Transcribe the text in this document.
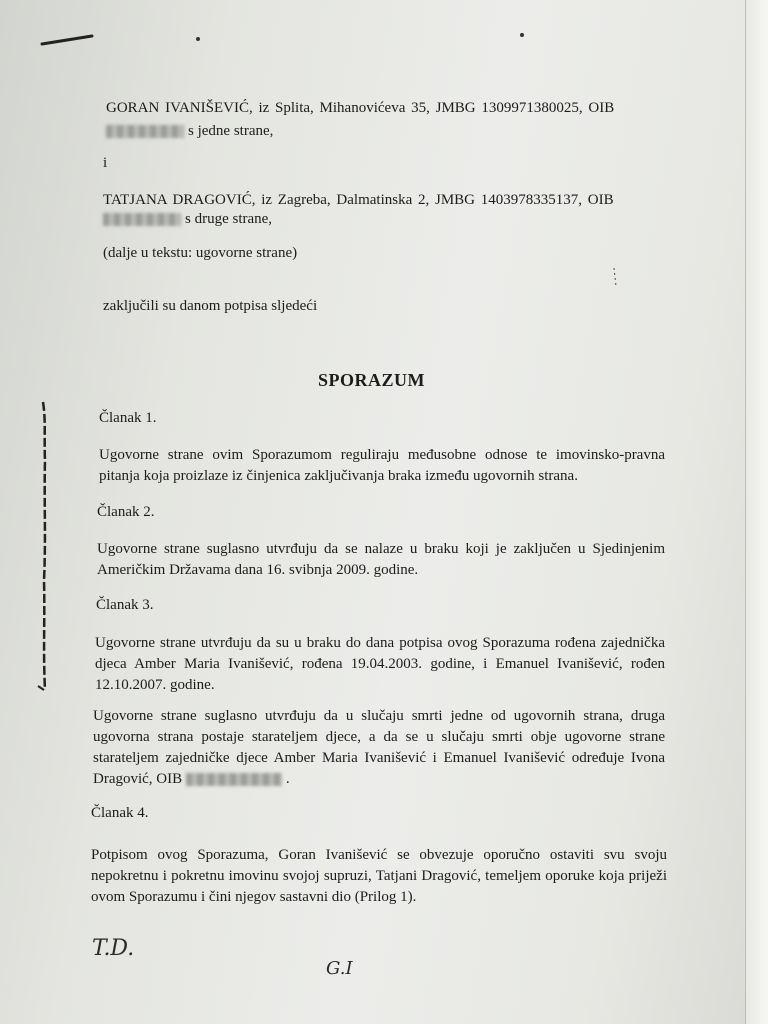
GORAN IVANIŠEVIĆ, iz Splita, Mihanovićeva 35, JMBG 1309971380025, OIB
s jedne strane,
i
TATJANA DRAGOVIĆ, iz Zagreba, Dalmatinska 2, JMBG 1403978335137, OIB
s druge strane,
(dalje u tekstu: ugovorne strane)
zaključili su danom potpisa sljedeći
SPORAZUM
Članak 1.

Ugovorne strane ovim Sporazumom reguliraju međusobne odnose te imovinsko-pravna pitanja koja proizlaze iz činjenica zaključivanja braka između ugovornih strana.

Članak 2.

Ugovorne strane suglasno utvrđuju da se nalaze u braku koji je zaključen u Sjedinjenim Američkim Državama dana 16. svibnja 2009. godine.

Članak 3.

Ugovorne strane utvrđuju da su u braku do dana potpisa ovog Sporazuma rođena zajednička djeca Amber Maria Ivanišević, rođena 19.04.2003. godine, i Emanuel Ivanišević, rođen 12.10.2007. godine.

Ugovorne strane suglasno utvrđuju da u slučaju smrti jedne od ugovornih strana, druga ugovorna strana postaje starateljem djece, a da se u slučaju smrti obje ugovorne strane starateljem zajedničke djece Amber Maria Ivanišević i Emanuel Ivanišević određuje Ivona Dragović, OIB	.

Članak 4.

Potpisom ovog Sporazuma, Goran Ivanišević se obvezuje oporučno ostaviti svu svoju nepokretnu i pokretnu imovinu svojoj supruzi, Tatjani Dragović, temeljem oporuke koja priježi ovom Sporazumu i čini njegov sastavni dio (Prilog 1).

T.D.
G.I
